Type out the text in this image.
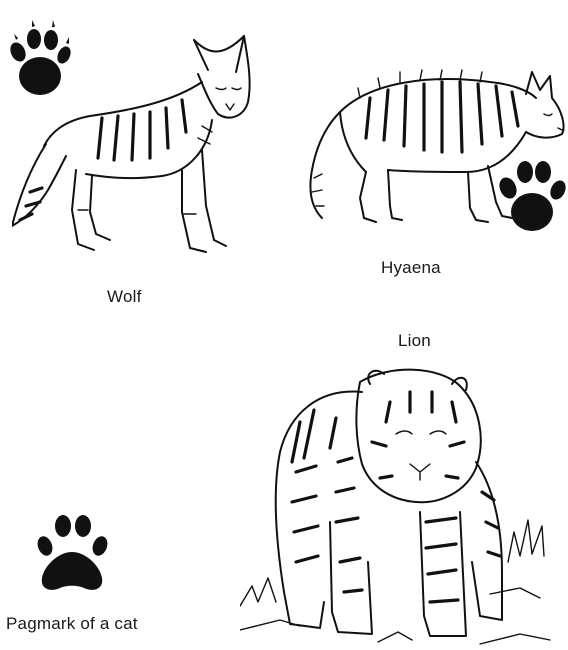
Wolf
Hyaena
Lion
Pagmark of a cat
